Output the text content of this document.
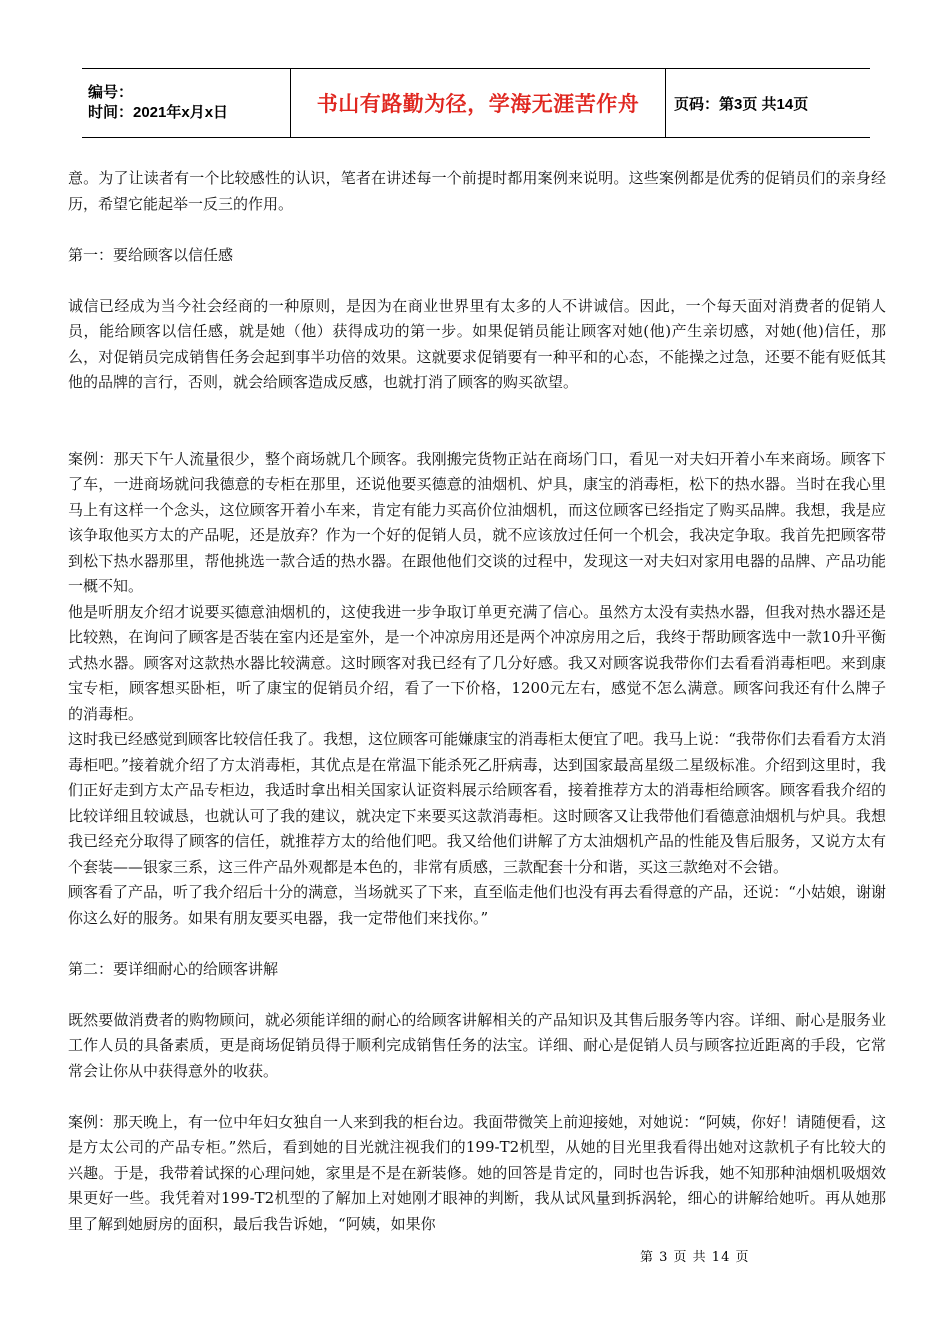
编号：
时间：2021年x月x日	书山有路勤为径，学海无涯苦作舟	页码：第3页 共14页

意。为了让读者有一个比较感性的认识，笔者在讲述每一个前提时都用案例来说明。这些案例都是优秀的促销员们的亲身经历，希望它能起举一反三的作用。

第一：要给顾客以信任感

诚信已经成为当今社会经商的一种原则，是因为在商业世界里有太多的人不讲诚信。因此，一个每天面对消费者的促销人员，能给顾客以信任感，就是她（他）获得成功的第一步。如果促销员能让顾客对她(他)产生亲切感，对她(他)信任，那么，对促销员完成销售任务会起到事半功倍的效果。这就要求促销要有一种平和的心态，不能操之过急，还要不能有贬低其他的品牌的言行，否则，就会给顾客造成反感，也就打消了顾客的购买欲望。

案例：那天下午人流量很少，整个商场就几个顾客。我刚搬完货物正站在商场门口，看见一对夫妇开着小车来商场。顾客下了车，一进商场就问我德意的专柜在那里，还说他要买德意的油烟机、炉具，康宝的消毒柜，松下的热水器。当时在我心里马上有这样一个念头，这位顾客开着小车来，肯定有能力买高价位油烟机，而这位顾客已经指定了购买品牌。我想，我是应该争取他买方太的产品呢，还是放弃？作为一个好的促销人员，就不应该放过任何一个机会，我决定争取。我首先把顾客带到松下热水器那里，帮他挑选一款合适的热水器。在跟他他们交谈的过程中，发现这一对夫妇对家用电器的品牌、产品功能一概不知。

他是听朋友介绍才说要买德意油烟机的，这使我进一步争取订单更充满了信心。虽然方太没有卖热水器，但我对热水器还是比较熟，在询问了顾客是否装在室内还是室外，是一个冲凉房用还是两个冲凉房用之后，我终于帮助顾客选中一款10升平衡式热水器。顾客对这款热水器比较满意。这时顾客对我已经有了几分好感。我又对顾客说我带你们去看看消毒柜吧。来到康宝专柜，顾客想买卧柜，听了康宝的促销员介绍，看了一下价格，1200元左右，感觉不怎么满意。顾客问我还有什么牌子的消毒柜。

这时我已经感觉到顾客比较信任我了。我想，这位顾客可能嫌康宝的消毒柜太便宜了吧。我马上说：“我带你们去看看方太消毒柜吧。”接着就介绍了方太消毒柜，其优点是在常温下能杀死乙肝病毒，达到国家最高星级二星级标准。介绍到这里时，我们正好走到方太产品专柜边，我适时拿出相关国家认证资料展示给顾客看，接着推荐方太的消毒柜给顾客。顾客看我介绍的比较详细且较诚恳，也就认可了我的建议，就决定下来要买这款消毒柜。这时顾客又让我带他们看德意油烟机与炉具。我想我已经充分取得了顾客的信任，就推荐方太的给他们吧。我又给他们讲解了方太油烟机产品的性能及售后服务，又说方太有个套装——银家三系，这三件产品外观都是本色的，非常有质感，三款配套十分和谐，买这三款绝对不会错。

顾客看了产品，听了我介绍后十分的满意，当场就买了下来，直至临走他们也没有再去看得意的产品，还说：“小姑娘，谢谢你这么好的服务。如果有朋友要买电器，我一定带他们来找你。”

第二：要详细耐心的给顾客讲解

既然要做消费者的购物顾问，就必须能详细的耐心的给顾客讲解相关的产品知识及其售后服务等内容。详细、耐心是服务业工作人员的具备素质，更是商场促销员得于顺利完成销售任务的法宝。详细、耐心是促销人员与顾客拉近距离的手段，它常常会让你从中获得意外的收获。

案例：那天晚上，有一位中年妇女独自一人来到我的柜台边。我面带微笑上前迎接她，对她说：“阿姨，你好！请随便看，这是方太公司的产品专柜。”然后，看到她的目光就注视我们的199-T2机型，从她的目光里我看得出她对这款机子有比较大的兴趣。于是，我带着试探的心理问她，家里是不是在新装修。她的回答是肯定的，同时也告诉我，她不知那种油烟机吸烟效果更好一些。我凭着对199-T2机型的了解加上对她刚才眼神的判断，我从试风量到拆涡轮，细心的讲解给她听。再从她那里了解到她厨房的面积，最后我告诉她，“阿姨，如果你

第 3 页 共 14 页
